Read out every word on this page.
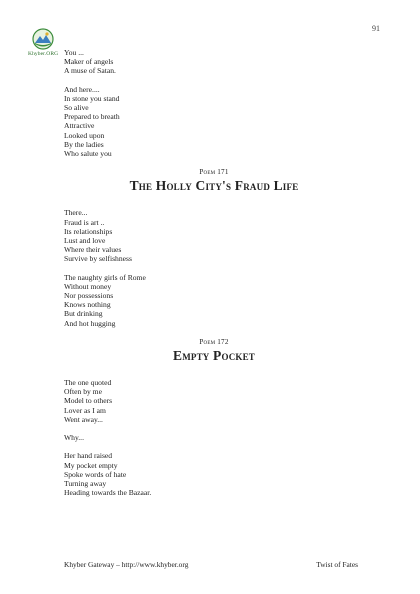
91
Khyber.ORG You ...
Maker of angels
A muse of Satan.
And here....
In stone you stand
So alive
Prepared to breath
Attractive
Looked upon
By the ladies
Who salute you
Poem 171
The Holly City's Fraud Life
There...
Fraud is art ..
Its relationships
Lust and love
Where their values
Survive by selfishness
The naughty girls of Rome
Without money
Nor possessions
Knows nothing
But drinking
And hot hugging
Poem 172
Empty Pocket
The one quoted
Often by me
Model to others
Lover as I am
Went away...
Why...
Her hand raised
My pocket empty
Spoke words of hate
Turning away
Heading towards the Bazaar.
Khyber Gateway – http://www.khyber.org	Twist of Fates
